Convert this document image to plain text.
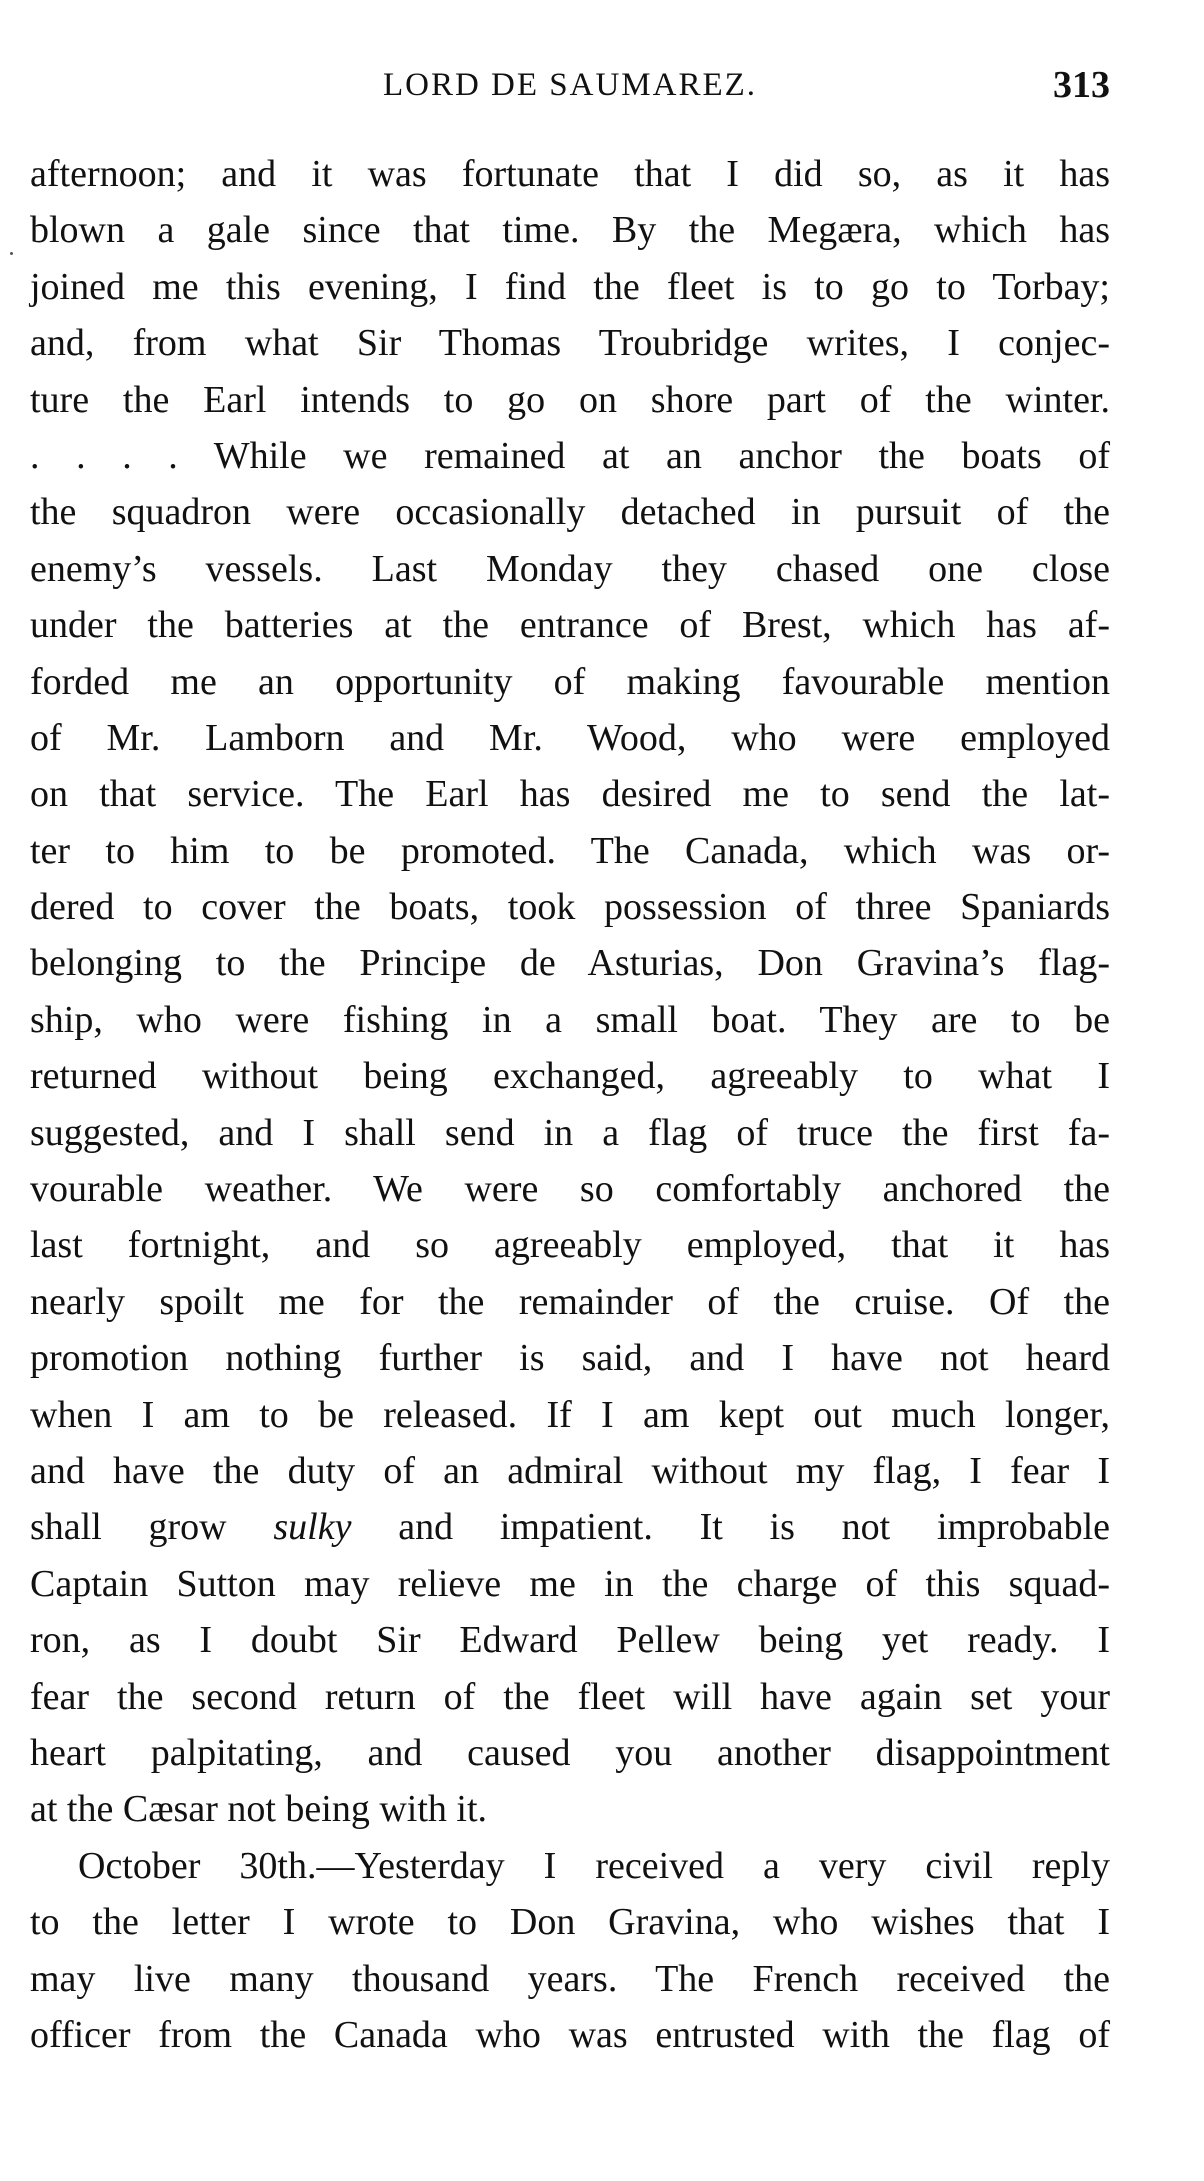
LORD DE SAUMAREZ.	313
afternoon; and it was fortunate that I did so, as it has
blown a gale since that time. By the Megæra, which has
joined me this evening, I find the fleet is to go to Torbay;
and, from what Sir Thomas Troubridge writes, I conjec-
ture the Earl intends to go on shore part of the winter.
. . . . While we remained at an anchor the boats of
the squadron were occasionally detached in pursuit of the
enemy’s vessels. Last Monday they chased one close
under the batteries at the entrance of Brest, which has af-
forded me an opportunity of making favourable mention
of Mr. Lamborn and Mr. Wood, who were employed
on that service. The Earl has desired me to send the lat-
ter to him to be promoted. The Canada, which was or-
dered to cover the boats, took possession of three Spaniards
belonging to the Principe de Asturias, Don Gravina’s flag-
ship, who were fishing in a small boat. They are to be
returned without being exchanged, agreeably to what I
suggested, and I shall send in a flag of truce the first fa-
vourable weather. We were so comfortably anchored the
last fortnight, and so agreeably employed, that it has
nearly spoilt me for the remainder of the cruise. Of the
promotion nothing further is said, and I have not heard
when I am to be released. If I am kept out much longer,
and have the duty of an admiral without my flag, I fear I
shall grow sulky and impatient. It is not improbable
Captain Sutton may relieve me in the charge of this squad-
ron, as I doubt Sir Edward Pellew being yet ready. I
fear the second return of the fleet will have again set your
heart palpitating, and caused you another disappointment
at the Cæsar not being with it.
October 30th.—Yesterday I received a very civil reply
to the letter I wrote to Don Gravina, who wishes that I
may live many thousand years. The French received the
officer from the Canada who was entrusted with the flag of
